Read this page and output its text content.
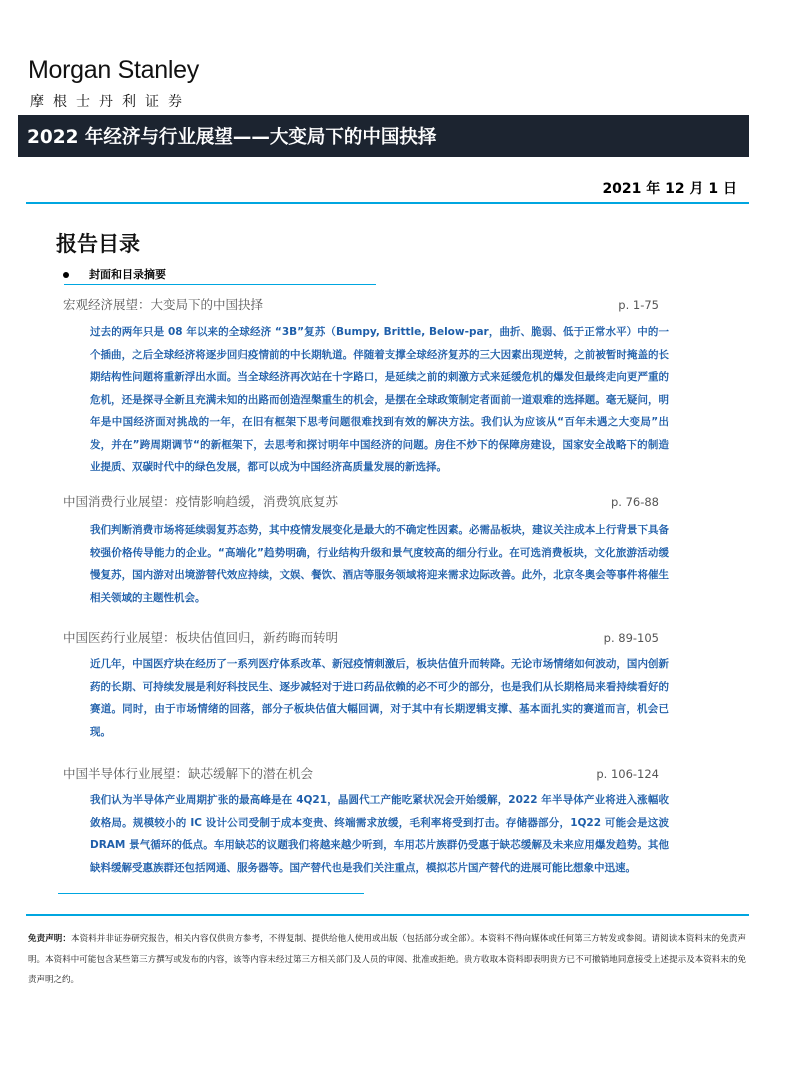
Morgan Stanley
摩根士丹利证券
2022 年经济与行业展望——大变局下的中国抉择
2021 年 12 月 1 日
报告目录
封面和目录摘要
宏观经济展望：大变局下的中国抉择	p. 1-75

过去的两年只是 08 年以来的全球经济 “3B”复苏（Bumpy, Brittle, Below-par，曲折、脆弱、低于正常水平）中的一个插曲，之后全球经济将逐步回归疫情前的中长期轨道。伴随着支撑全球经济复苏的三大因素出现逆转，之前被暂时掩盖的长期结构性问题将重新浮出水面。当全球经济再次站在十字路口，是延续之前的刺激方式来延缓危机的爆发但最终走向更严重的危机，还是探寻全新且充满未知的出路而创造涅槃重生的机会，是摆在全球政策制定者面前一道艰难的选择题。毫无疑问，明年是中国经济面对挑战的一年，在旧有框架下思考问题很难找到有效的解决方法。我们认为应该从“百年未遇之大变局”出发，并在”跨周期调节“的新框架下，去思考和探讨明年中国经济的问题。房住不炒下的保障房建设，国家安全战略下的制造业提质、双碳时代中的绿色发展，都可以成为中国经济高质量发展的新选择。

中国消费行业展望：疫情影响趋缓，消费筑底复苏	p. 76-88

我们判断消费市场将延续弱复苏态势，其中疫情发展变化是最大的不确定性因素。必需品板块，建议关注成本上行背景下具备较强价格传导能力的企业。“高端化”趋势明确，行业结构升级和景气度较高的细分行业。在可选消费板块，文化旅游活动缓慢复苏，国内游对出境游替代效应持续，文娱、餐饮、酒店等服务领域将迎来需求边际改善。此外，北京冬奥会等事件将催生相关领域的主题性机会。

中国医药行业展望：板块估值回归，新药晦而转明	p. 89-105

近几年，中国医疗块在经历了一系列医疗体系改革、新冠疫情刺激后，板块估值升而转降。无论市场情绪如何波动，国内创新药的长期、可持续发展是利好科技民生、逐步减轻对于进口药品依赖的必不可少的部分，也是我们从长期格局来看持续看好的赛道。同时，由于市场情绪的回落，部分子板块估值大幅回调，对于其中有长期逻辑支撑、基本面扎实的赛道而言，机会已现。

中国半导体行业展望：缺芯缓解下的潜在机会	p. 106-124

我们认为半导体产业周期扩张的最高峰是在 4Q21，晶圆代工产能吃紧状况会开始缓解，2022 年半导体产业将进入涨幅收敛格局。规模较小的 IC 设计公司受制于成本变贵、终端需求放缓，毛利率将受到打击。存储器部分，1Q22 可能会是这波 DRAM 景气循环的低点。车用缺芯的议题我们将越来越少听到，车用芯片族群仍受惠于缺芯缓解及未来应用爆发趋势。其他缺料缓解受惠族群还包括网通、服务器等。国产替代也是我们关注重点，模拟芯片国产替代的进展可能比想象中迅速。

免责声明：本资料并非证券研究报告，相关内容仅供贵方参考，不得复制、提供给他人使用或出版（包括部分或全部）。本资料不得向媒体或任何第三方转发或参阅。请阅读本资料末的免责声明。本资料中可能包含某些第三方撰写或发布的内容，该等内容未经过第三方相关部门及人员的审阅、批准或拒绝。贵方收取本资料即表明贵方已不可撤销地同意接受上述提示及本资料末的免责声明之约。
